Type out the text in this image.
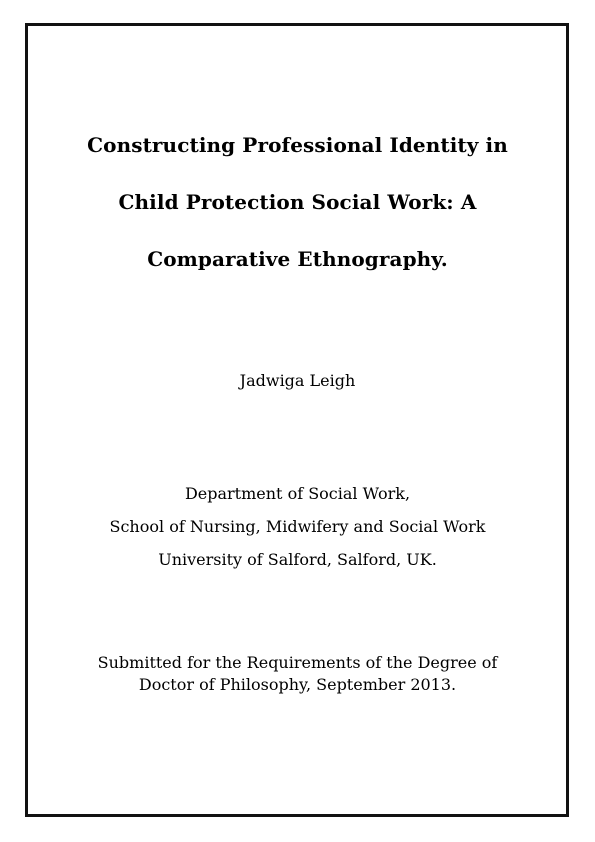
Constructing Professional Identity in
Child Protection Social Work: A
Comparative Ethnography.
Jadwiga Leigh
Department of Social Work,
School of Nursing, Midwifery and Social Work
University of Salford, Salford, UK.
Submitted for the Requirements of the Degree of
Doctor of Philosophy, September 2013.
